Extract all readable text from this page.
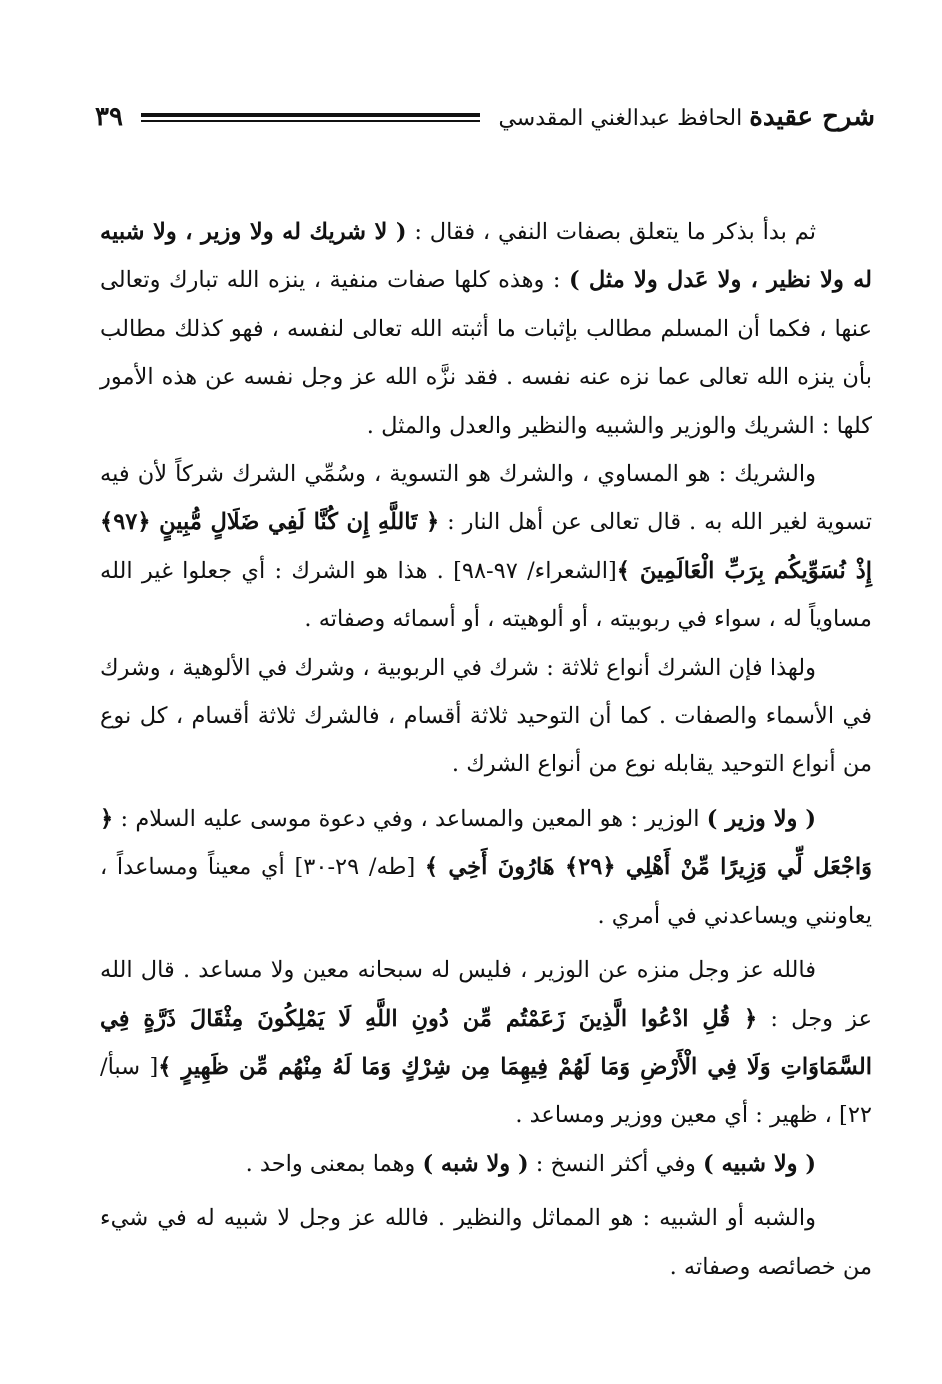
شرح عقيدة الحافظ عبدالغني المقدسي
٣٩

ثم بدأ بذكر ما يتعلق بصفات النفي ، فقال : ( لا شريك له ولا وزير ، ولا شبيه له ولا نظير ، ولا عَدل ولا مثل ) : وهذه كلها صفات منفية ، ينزه الله تبارك وتعالى عنها ، فكما أن المسلم مطالب بإثبات ما أثبته الله تعالى لنفسه ، فهو كذلك مطالب بأن ينزه الله تعالى عما نزه عنه نفسه . فقد نزَّه الله عز وجل نفسه عن هذه الأمور كلها : الشريك والوزير والشبيه والنظير والعدل والمثل .

والشريك : هو المساوي ، والشرك هو التسوية ، وسُمِّي الشرك شركاً لأن فيه تسوية لغير الله به . قال تعالى عن أهل النار : ﴿ تَاللَّهِ إِن كُنَّا لَفِي ضَلَالٍ مُّبِينٍ ﴿٩٧﴾ إِذْ نُسَوِّيكُم بِرَبِّ الْعَالَمِينَ ﴾[الشعراء/ ٩٧-٩٨] . هذا هو الشرك : أي جعلوا غير الله مساوياً له ، سواء في ربوبيته ، أو ألوهيته ، أو أسمائه وصفاته .

ولهذا فإن الشرك أنواع ثلاثة : شرك في الربوبية ، وشرك في الألوهية ، وشرك في الأسماء والصفات . كما أن التوحيد ثلاثة أقسام ، فالشرك ثلاثة أقسام ، كل نوع من أنواع التوحيد يقابله نوع من أنواع الشرك .

( ولا وزير ) الوزير : هو المعين والمساعد ، وفي دعوة موسى عليه السلام : ﴿ وَاجْعَل لِّي وَزِيرًا مِّنْ أَهْلِي ﴿٢٩﴾ هَارُونَ أَخِي ﴾ [طه/ ٢٩-٣٠] أي معيناً ومساعداً ، يعاونني ويساعدني في أمري .

فالله عز وجل منزه عن الوزير ، فليس له سبحانه معين ولا مساعد . قال الله عز وجل : ﴿ قُلِ ادْعُوا الَّذِينَ زَعَمْتُم مِّن دُونِ اللَّهِ لَا يَمْلِكُونَ مِثْقَالَ ذَرَّةٍ فِي السَّمَاوَاتِ وَلَا فِي الْأَرْضِ وَمَا لَهُمْ فِيهِمَا مِن شِرْكٍ وَمَا لَهُ مِنْهُم مِّن ظَهِيرٍ ﴾[ سبأ/ ٢٢] ، ظهير : أي معين ووزير ومساعد .

( ولا شبيه ) وفي أكثر النسخ : ( ولا شبه ) وهما بمعنى واحد .

والشبه أو الشبيه : هو المماثل والنظير . فالله عز وجل لا شبيه له في شيء من خصائصه وصفاته .
